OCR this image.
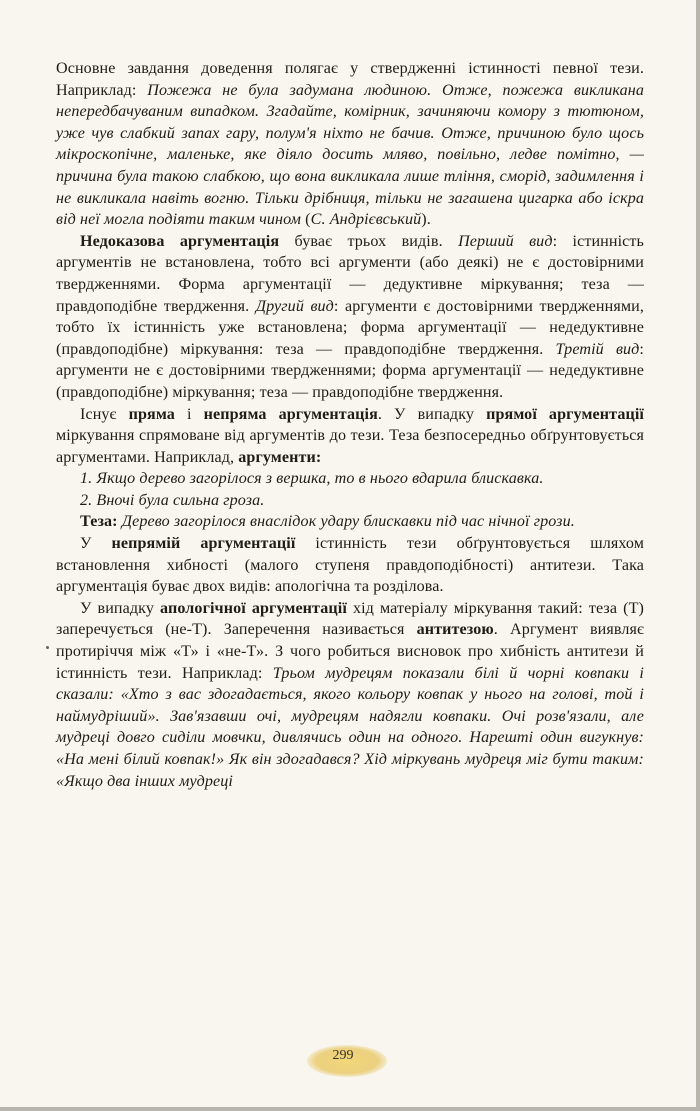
Основне завдання доведення полягає у ствердженні істинності певної тези. Наприклад: Пожежа не була задумана людиною. Отже, пожежа викликана непередбачуваним випадком. Згадайте, комірник, зачиняючи комору з тютюном, уже чув слабкий запах гару, полум'я ніхто не бачив. Отже, причиною було щось мікроскопічне, маленьке, яке діяло досить мляво, повільно, ледве помітно, — причина була такою слабкою, що вона викликала лише тління, сморід, задимлення і не викликала навіть вогню. Тільки дрібниця, тільки не загашена цигарка або іскра від неї могла подіяти таким чином (С. Андрієвський).

Недоказова аргументація буває трьох видів. Перший вид: істинність аргументів не встановлена, тобто всі аргументи (або деякі) не є достовірними твердженнями. Форма аргументації — дедуктивне міркування; теза — правдоподібне твердження. Другий вид: аргументи є достовірними твердженнями, тобто їх істинність уже встановлена; форма аргументації — недедуктивне (правдоподібне) міркування: теза — правдоподібне твердження. Третій вид: аргументи не є достовірними твердженнями; форма аргументації — недедуктивне (правдоподібне) міркування; теза — правдоподібне твердження.

Існує пряма і непряма аргументація. У випадку прямої аргументації міркування спрямоване від аргументів до тези. Теза безпосередньо обґрунтовується аргументами. Наприклад, аргументи:

1. Якщо дерево загорілося з вершка, то в нього вдарила блискавка.

2. Вночі була сильна гроза.

Теза: Дерево загорілося внаслідок удару блискавки під час нічної грози.

У непрямій аргументації істинність тези обґрунтовується шляхом встановлення хибності (малого ступеня правдоподібності) антитези. Така аргументація буває двох видів: апологічна та розділова.

У випадку апологічної аргументації хід матеріалу міркування такий: теза (Т) заперечується (не-Т). Заперечення називається антитезою. Аргумент виявляє протиріччя між «Т» і «не-Т». З чого робиться висновок про хибність антитези й істинність тези. Наприклад: Трьом мудрецям показали білі й чорні ковпаки і сказали: «Хто з вас здогадається, якого кольору ковпак у нього на голові, той і наймудріший». Зав'язавши очі, мудрецям надягли ковпаки. Очі розв'язали, але мудреці довго сиділи мовчки, дивлячись один на одного. Нарешті один вигукнув: «На мені білий ковпак!» Як він здогадався? Хід міркувань мудреця міг бути таким: «Якщо два інших мудреці

299
